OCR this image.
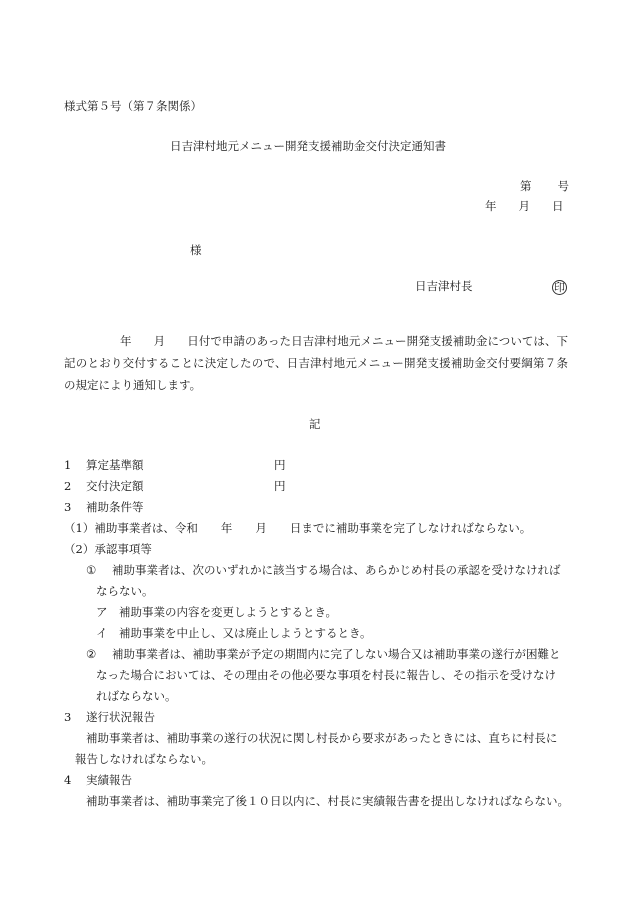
様式第５号（第７条関係）
日吉津村地元メニュー開発支援補助金交付決定通知書
第 号
年 月 日
様
日吉津村長	印
年 月 日付で申請のあった日吉津村地元メニュー開発支援補助金については、下記のとおり交付することに決定したので、日吉津村地元メニュー開発支援補助金交付要綱第７条の規定により通知します。
記
1 算定基準額	円
2 交付決定額	円
3 補助条件等
（1）補助事業者は、令和　　年　　月　　日までに補助事業を完了しなければならない。
（2）承認事項等
① 補助事業者は、次のいずれかに該当する場合は、あらかじめ村長の承認を受けなければ
ならない。
ア　補助事業の内容を変更しようとするとき。
イ　補助事業を中止し、又は廃止しようとするとき。
② 補助事業者は、補助事業が予定の期間内に完了しない場合又は補助事業の遂行が困難と
なった場合においては、その理由その他必要な事項を村長に報告し、その指示を受けなけ
ればならない。
3 遂行状況報告
補助事業者は、補助事業の遂行の状況に関し村長から要求があったときには、直ちに村長に
報告しなければならない。
4 実績報告
補助事業者は、補助事業完了後１０日以内に、村長に実績報告書を提出しなければならない。
